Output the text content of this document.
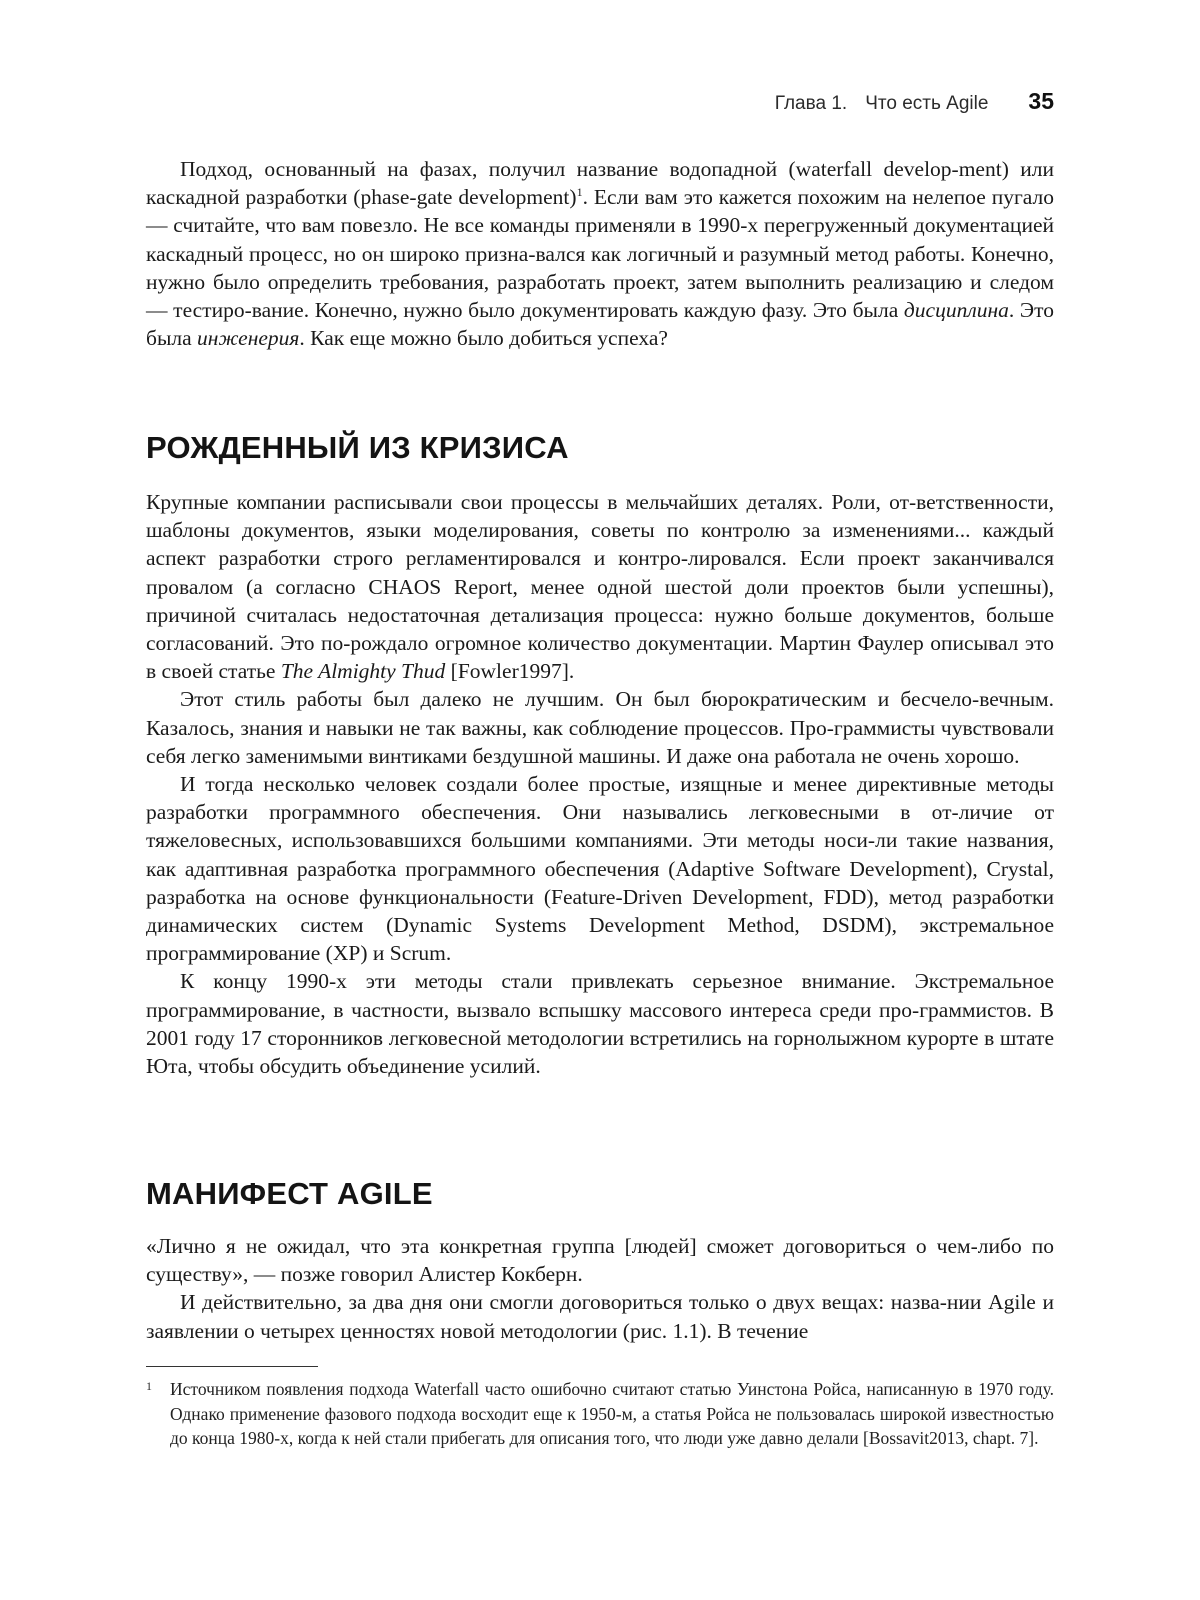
Глава 1. Что есть Agile 35

Подход, основанный на фазах, получил название водопадной (waterfall develop-ment) или каскадной разработки (phase-gate development)$^1$. Если вам это кажется похожим на нелепое пугало — считайте, что вам повезло. Не все команды применяли в 1990-х перегруженный документацией каскадный процесс, но он широко призна-вался как логичный и разумный метод работы. Конечно, нужно было определить требования, разработать проект, затем выполнить реализацию и следом — тестиро-вание. Конечно, нужно было документировать каждую фазу. Это была дисциплина. Это была инженерия. Как еще можно было добиться успеха?

РОЖДЕННЫЙ ИЗ КРИЗИСА

Крупные компании расписывали свои процессы в мельчайших деталях. Роли, от-ветственности, шаблоны документов, языки моделирования, советы по контролю за изменениями... каждый аспект разработки строго регламентировался и контро-лировался. Если проект заканчивался провалом (а согласно CHAOS Report, менее одной шестой доли проектов были успешны), причиной считалась недостаточная детализация процесса: нужно больше документов, больше согласований. Это по-рождало огромное количество документации. Мартин Фаулер описывал это в своей статье The Almighty Thud [Fowler1997].

Этот стиль работы был далеко не лучшим. Он был бюрократическим и бесчело-вечным. Казалось, знания и навыки не так важны, как соблюдение процессов. Про-граммисты чувствовали себя легко заменимыми винтиками бездушной машины. И даже она работала не очень хорошо.

И тогда несколько человек создали более простые, изящные и менее директивные методы разработки программного обеспечения. Они назывались легковесными в от-личие от тяжеловесных, использовавшихся большими компаниями. Эти методы носи-ли такие названия, как адаптивная разработка программного обеспечения (Adaptive Software Development), Crystal, разработка на основе функциональности (Feature-Driven Development, FDD), метод разработки динамических систем (Dynamic Systems Development Method, DSDM), экстремальное программирование (XP) и Scrum.

К концу 1990-х эти методы стали привлекать серьезное внимание. Экстремальное программирование, в частности, вызвало вспышку массового интереса среди про-граммистов. В 2001 году 17 сторонников легковесной методологии встретились на горнолыжном курорте в штате Юта, чтобы обсудить объединение усилий.

МАНИФЕСТ AGILE

«Лично я не ожидал, что эта конкретная группа [людей] сможет договориться о чем-либо по существу», — позже говорил Алистер Кокберн.

И действительно, за два дня они смогли договориться только о двух вещах: назва-нии Agile и заявлении о четырех ценностях новой методологии (рис. 1.1). В течение

1	Источником появления подхода Waterfall часто ошибочно считают статью Уинстона Ройса, написанную в 1970 году. Однако применение фазового подхода восходит еще к 1950-м, а статья Ройса не пользовалась широкой известностью до конца 1980-х, когда к ней стали прибегать для описания того, что люди уже давно делали [Bossavit2013, chapt. 7].
